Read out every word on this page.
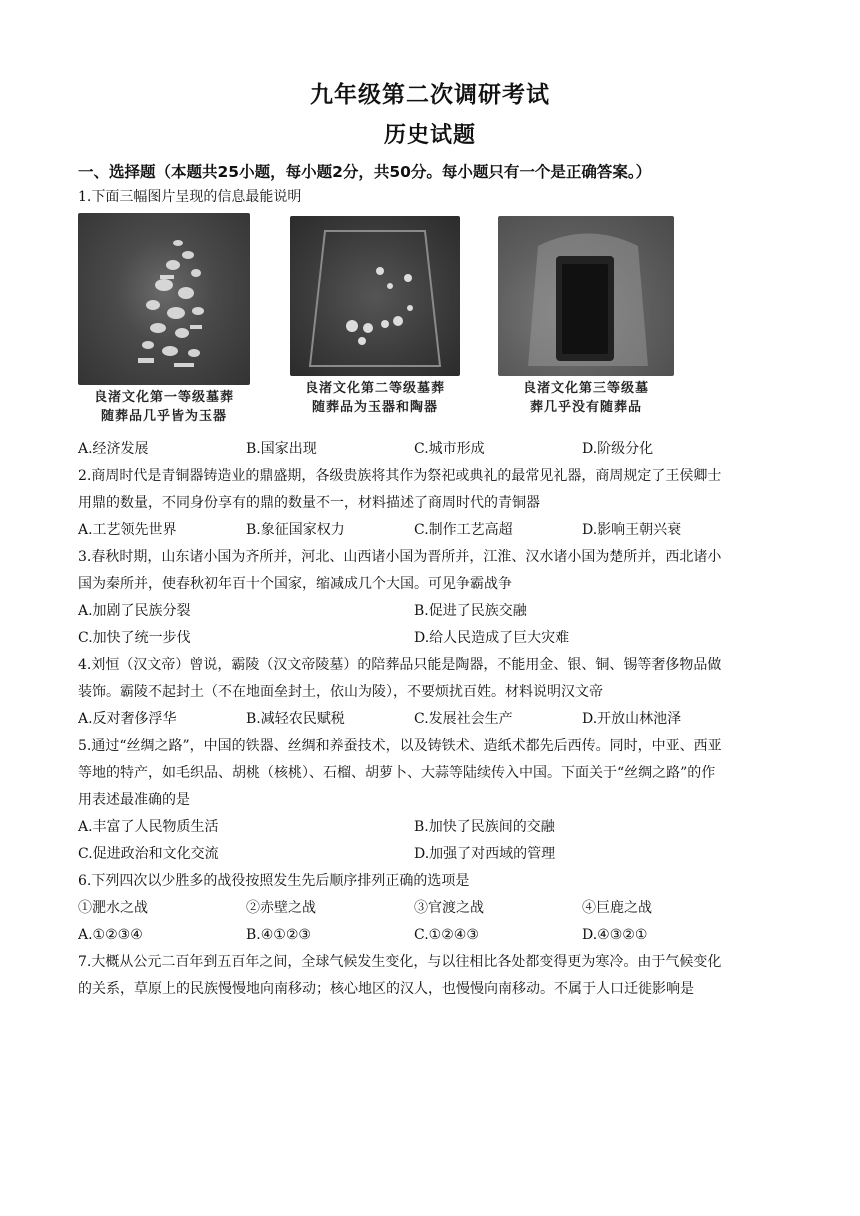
九年级第二次调研考试
历史试题
一、选择题（本题共25小题，每小题2分，共50分。每小题只有一个是正确答案。）
1.下面三幅图片呈现的信息最能说明
良渚文化第一等级墓葬
随葬品几乎皆为玉器
良渚文化第二等级墓葬
随葬品为玉器和陶器
良渚文化第三等级墓
葬几乎没有随葬品
A.经济发展	B.国家出现	C.城市形成	D.阶级分化
2.商周时代是青铜器铸造业的鼎盛期，各级贵族将其作为祭祀或典礼的最常见礼器，商周规定了王侯卿士
用鼎的数量，不同身份享有的鼎的数量不一，材料描述了商周时代的青铜器
A.工艺领先世界	B.象征国家权力	C.制作工艺高超	D.影响王朝兴衰
3.春秋时期，山东诸小国为齐所并，河北、山西诸小国为晋所并，江淮、汉水诸小国为楚所并，西北诸小
国为秦所并，使春秋初年百十个国家，缩减成几个大国。可见争霸战争
A.加剧了民族分裂	B.促进了民族交融
C.加快了统一步伐	D.给人民造成了巨大灾难
4.刘恒（汉文帝）曾说，霸陵（汉文帝陵墓）的陪葬品只能是陶器，不能用金、银、铜、锡等奢侈物品做
装饰。霸陵不起封土（不在地面垒封土，依山为陵），不要烦扰百姓。材料说明汉文帝
A.反对奢侈浮华	B.减轻农民赋税	C.发展社会生产	D.开放山林池泽
5.通过“丝绸之路”，中国的铁器、丝绸和养蚕技术，以及铸铁术、造纸术都先后西传。同时，中亚、西亚
等地的特产，如毛织品、胡桃（核桃）、石榴、胡萝卜、大蒜等陆续传入中国。下面关于“丝绸之路”的作
用表述最准确的是
A.丰富了人民物质生活	B.加快了民族间的交融
C.促进政治和文化交流	D.加强了对西域的管理
6.下列四次以少胜多的战役按照发生先后顺序排列正确的选项是
①淝水之战	②赤壁之战	③官渡之战	④巨鹿之战
A.①②③④	B.④①②③	C.①②④③	D.④③②①
7.大概从公元二百年到五百年之间，全球气候发生变化，与以往相比各处都变得更为寒冷。由于气候变化
的关系，草原上的民族慢慢地向南移动；核心地区的汉人，也慢慢向南移动。不属于人口迁徙影响是
